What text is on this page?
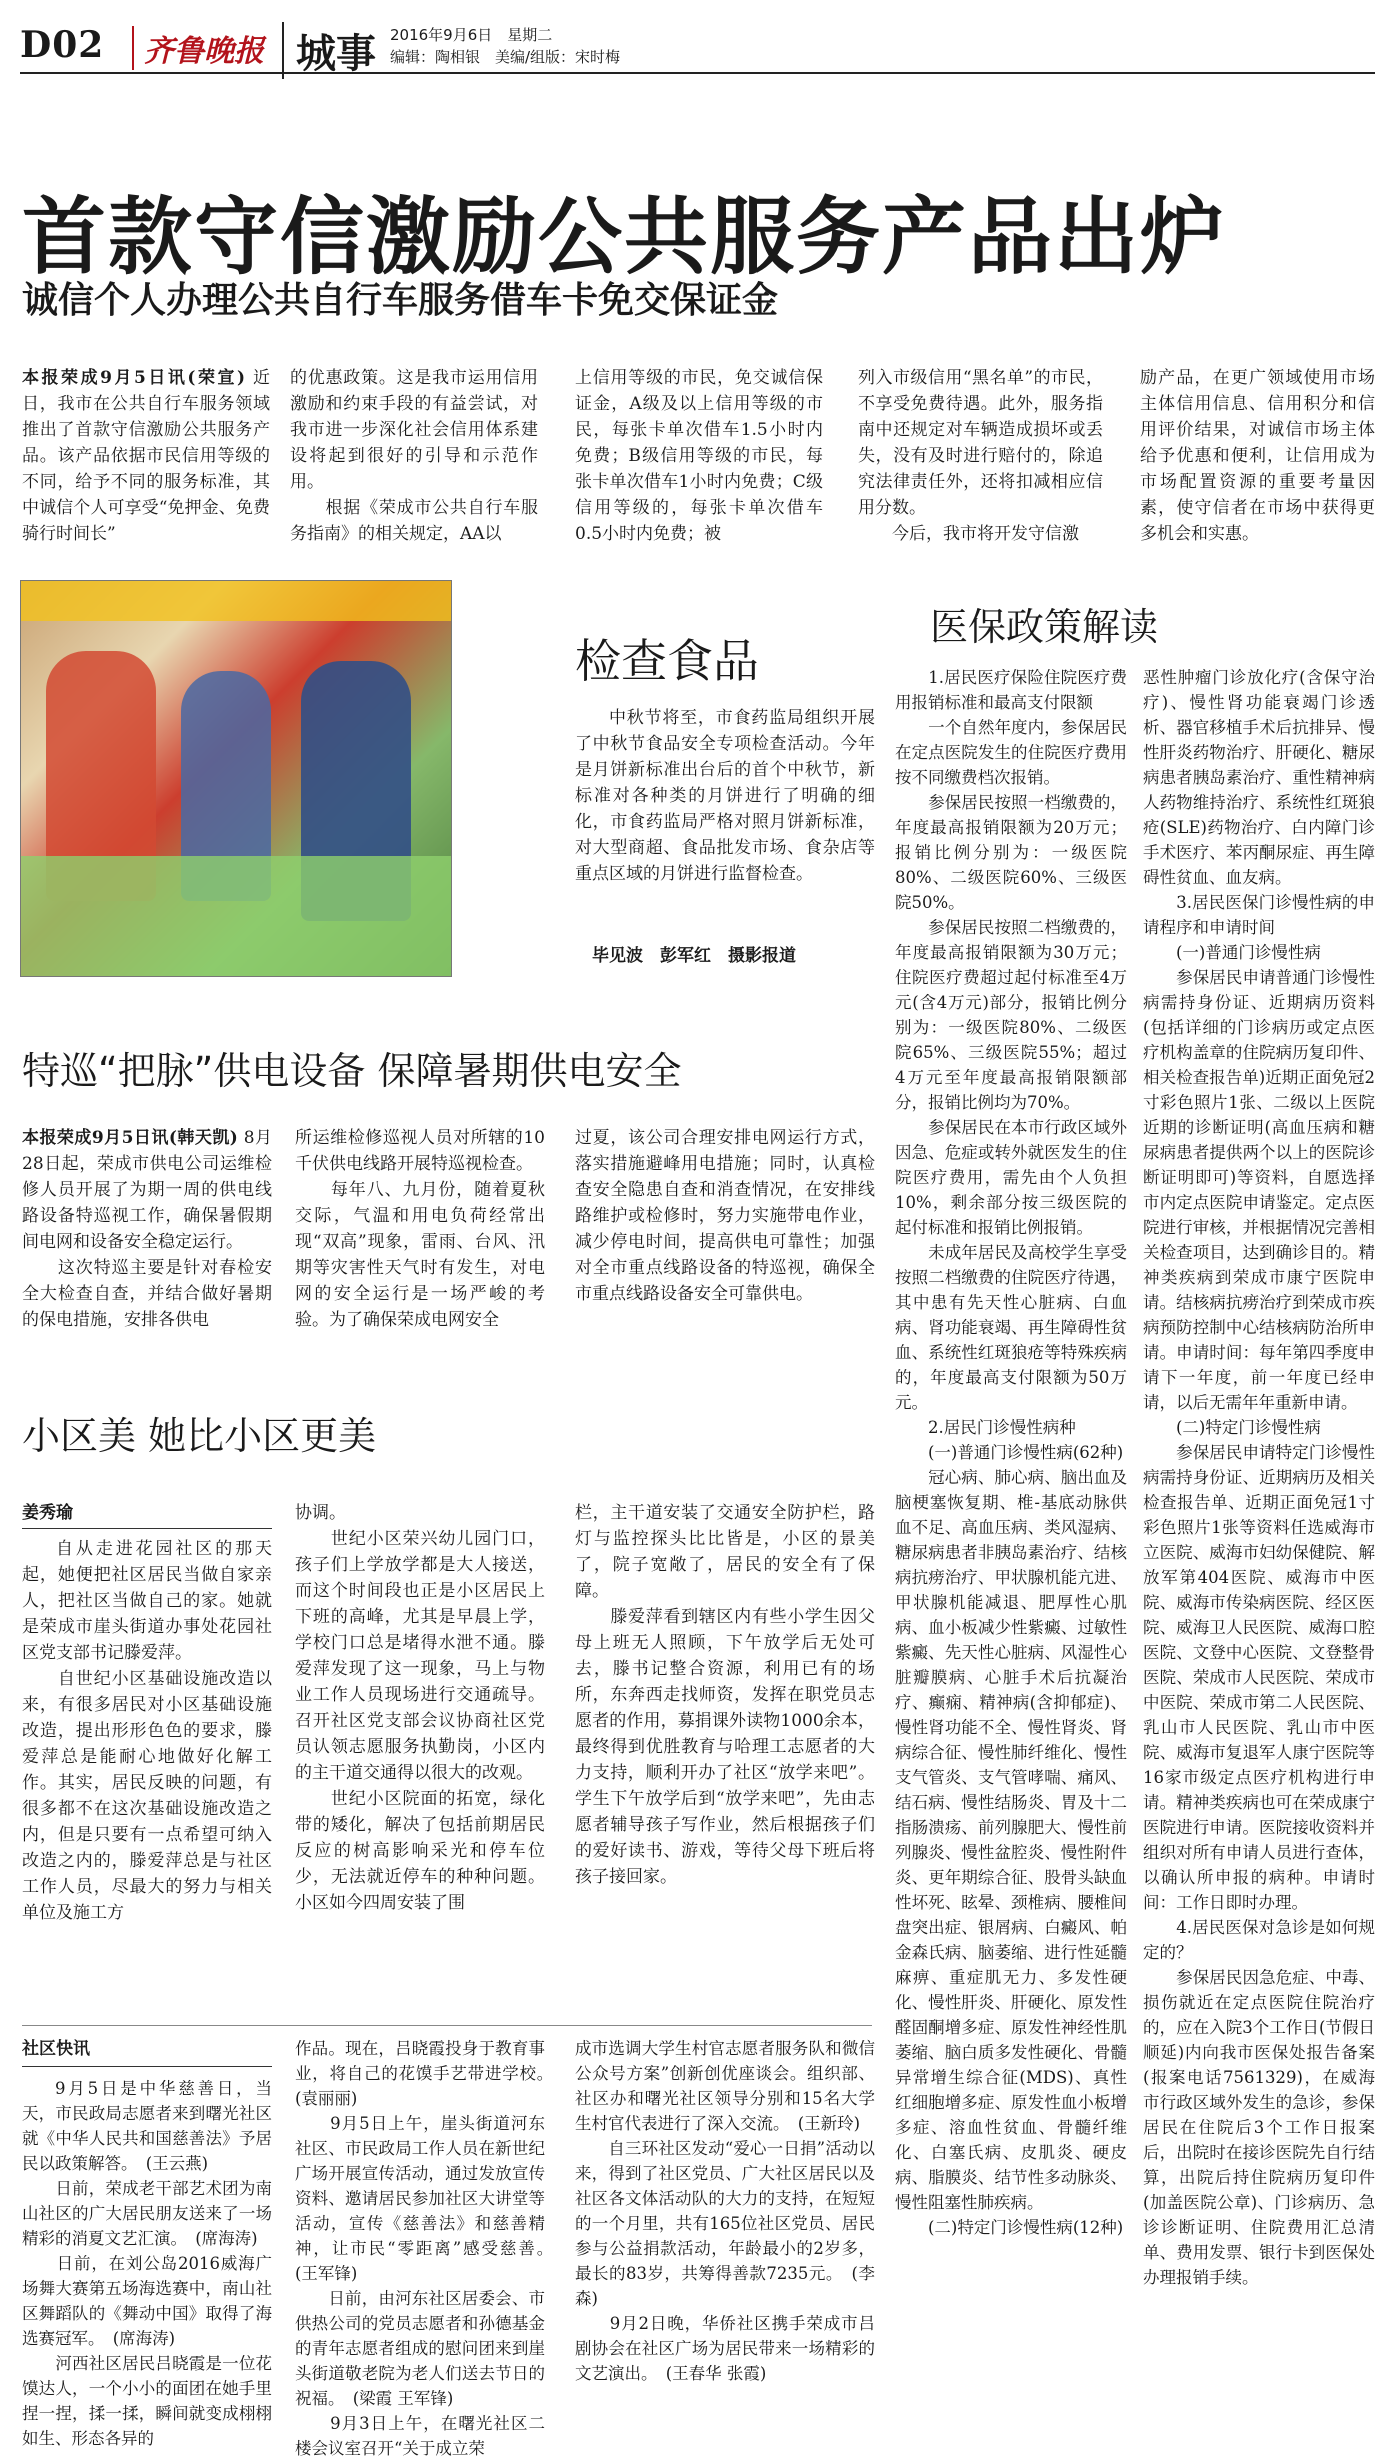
D02	齐鲁晚报 城事 2016年9月6日　星期二
编辑：陶相银　美编/组版：宋时梅
首款守信激励公共服务产品出炉
诚信个人办理公共自行车服务借车卡免交保证金
本报荣成9月5日讯(荣宣) 近日，我市在公共自行车服务领域推出了首款守信激励公共服务产品。该产品依据市民信用等级的不同，给予不同的服务标准，其中诚信个人可享受“免押金、免费骑行时间长”
的优惠政策。这是我市运用信用激励和约束手段的有益尝试，对我市进一步深化社会信用体系建设将起到很好的引导和示范作用。
　　根据《荣成市公共自行车服务指南》的相关规定，AA以
上信用等级的市民，免交诚信保证金，A级及以上信用等级的市民，每张卡单次借车1.5小时内免费；B级信用等级的市民，每张卡单次借车1小时内免费；C级信用等级的，每张卡单次借车0.5小时内免费；被
列入市级信用“黑名单”的市民，不享受免费待遇。此外，服务指南中还规定对车辆造成损坏或丢失，没有及时进行赔付的，除追究法律责任外，还将扣减相应信用分数。
　　今后，我市将开发守信激
励产品，在更广领域使用市场主体信用信息、信用积分和信用评价结果，对诚信市场主体给予优惠和便利，让信用成为市场配置资源的重要考量因素，使守信者在市场中获得更多机会和实惠。
检查食品
中秋节将至，市食药监局组织开展了中秋节食品安全专项检查活动。今年是月饼新标准出台后的首个中秋节，新标准对各种类的月饼进行了明确的细化，市食药监局严格对照月饼新标准，对大型商超、食品批发市场、食杂店等重点区域的月饼进行监督检查。
毕见波　彭军红　摄影报道
医保政策解读
特巡“把脉”供电设备 保障暑期供电安全
本报荣成9月5日讯(韩天凯) 8月28日起，荣成市供电公司运维检修人员开展了为期一周的供电线路设备特巡视工作，确保暑假期间电网和设备安全稳定运行。
　　这次特巡主要是针对春检安全大检查自查，并结合做好暑期的保电措施，安排各供电
所运维检修巡视人员对所辖的10千伏供电线路开展特巡视检查。
　　每年八、九月份，随着夏秋交际，气温和用电负荷经常出现“双高”现象，雷雨、台风、汛期等灾害性天气时有发生，对电网的安全运行是一场严峻的考验。为了确保荣成电网安全
过夏，该公司合理安排电网运行方式，落实措施避峰用电措施；同时，认真检查安全隐患自查和消查情况，在安排线路维护或检修时，努力实施带电作业，减少停电时间，提高供电可靠性；加强对全市重点线路设备的特巡视，确保全市重点线路设备安全可靠供电。
小区美 她比小区更美
姜秀瑜
自从走进花园社区的那天起，她便把社区居民当做自家亲人，把社区当做自己的家。她就是荣成市崖头街道办事处花园社区党支部书记滕爱萍。
　　自世纪小区基础设施改造以来，有很多居民对小区基础设施改造，提出形形色色的要求，滕爱萍总是能耐心地做好化解工作。其实，居民反映的问题，有很多都不在这次基础设施改造之内，但是只要有一点希望可纳入改造之内的，滕爱萍总是与社区工作人员，尽最大的努力与相关单位及施工方
协调。
　　世纪小区荣兴幼儿园门口，孩子们上学放学都是大人接送，而这个时间段也正是小区居民上下班的高峰，尤其是早晨上学，学校门口总是堵得水泄不通。滕爱萍发现了这一现象，马上与物业工作人员现场进行交通疏导。召开社区党支部会议协商社区党员认领志愿服务执勤岗，小区内的主干道交通得以很大的改观。
　　世纪小区院面的拓宽，绿化带的矮化，解决了包括前期居民反应的树高影响采光和停车位少，无法就近停车的种种问题。小区如今四周安装了围
栏，主干道安装了交通安全防护栏，路灯与监控探头比比皆是，小区的景美了，院子宽敞了，居民的安全有了保障。
　　滕爱萍看到辖区内有些小学生因父母上班无人照顾，下午放学后无处可去，滕书记整合资源，利用已有的场所，东奔西走找师资，发挥在职党员志愿者的作用，募捐课外读物1000余本，最终得到优胜教育与哈理工志愿者的大力支持，顺利开办了社区“放学来吧”。学生下午放学后到“放学来吧”，先由志愿者辅导孩子写作业，然后根据孩子们的爱好读书、游戏，等待父母下班后将孩子接回家。
社区快讯
9月5日是中华慈善日，当天，市民政局志愿者来到曙光社区就《中华人民共和国慈善法》予居民以政策解答。　(王云燕)
　　日前，荣成老干部艺术团为南山社区的广大居民朋友送来了一场精彩的消夏文艺汇演。　(席海涛)
　　日前，在刘公岛2016威海广场舞大赛第五场海选赛中，南山社区舞蹈队的《舞动中国》取得了海选赛冠军。　(席海涛)
　　河西社区居民吕晓霞是一位花馍达人，一个小小的面团在她手里捏一捏，揉一揉，瞬间就变成栩栩如生、形态各异的
作品。现在，吕晓霞投身于教育事业，将自己的花馍手艺带进学校。　(袁丽丽)
　　9月5日上午，崖头街道河东社区、市民政局工作人员在新世纪广场开展宣传活动，通过发放宣传资料、邀请居民参加社区大讲堂等活动，宣传《慈善法》和慈善精神，让市民“零距离”感受慈善。　(王军锋)
　　日前，由河东社区居委会、市供热公司的党员志愿者和孙德基金的青年志愿者组成的慰问团来到崖头街道敬老院为老人们送去节日的祝福。　(梁霞 王军锋)
　　9月3日上午，在曙光社区二楼会议室召开“关于成立荣
成市选调大学生村官志愿者服务队和微信公众号方案”创新创优座谈会。组织部、社区办和曙光社区领导分别和15名大学生村官代表进行了深入交流。　(王新玲)
　　自三环社区发动“爱心一日捐”活动以来，得到了社区党员、广大社区居民以及社区各文体活动队的大力的支持，在短短的一个月里，共有165位社区党员、居民参与公益捐款活动，年龄最小的2岁多，最长的83岁，共筹得善款7235元。　(李森)
　　9月2日晚，华侨社区携手荣成市吕剧协会在社区广场为居民带来一场精彩的文艺演出。　(王春华 张霞)
　　1.居民医疗保险住院医疗费用报销标准和最高支付限额
　　一个自然年度内，参保居民在定点医院发生的住院医疗费用按不同缴费档次报销。
　　参保居民按照一档缴费的，年度最高报销限额为20万元；报销比例分别为：一级医院80%、二级医院60%、三级医院50%。
　　参保居民按照二档缴费的，年度最高报销限额为30万元；住院医疗费超过起付标准至4万元(含4万元)部分，报销比例分别为：一级医院80%、二级医院65%、三级医院55%；超过4万元至年度最高报销限额部分，报销比例均为70%。
　　参保居民在本市行政区域外因急、危症或转外就医发生的住院医疗费用，需先由个人负担10%，剩余部分按三级医院的起付标准和报销比例报销。
　　未成年居民及高校学生享受按照二档缴费的住院医疗待遇，其中患有先天性心脏病、白血病、肾功能衰竭、再生障碍性贫血、系统性红斑狼疮等特殊疾病的，年度最高支付限额为50万元。
　　2.居民门诊慢性病种
　　(一)普通门诊慢性病(62种)
　　冠心病、肺心病、脑出血及脑梗塞恢复期、椎-基底动脉供血不足、高血压病、类风湿病、糖尿病患者非胰岛素治疗、结核病抗痨治疗、甲状腺机能亢进、甲状腺机能减退、肥厚性心肌病、血小板减少性紫癜、过敏性紫癜、先天性心脏病、风湿性心脏瓣膜病、心脏手术后抗凝治疗、癫痫、精神病(含抑郁症)、慢性肾功能不全、慢性肾炎、肾病综合征、慢性肺纤维化、慢性支气管炎、支气管哮喘、痛风、结石病、慢性结肠炎、胃及十二指肠溃疡、前列腺肥大、慢性前列腺炎、慢性盆腔炎、慢性附件炎、更年期综合征、股骨头缺血性坏死、眩晕、颈椎病、腰椎间盘突出症、银屑病、白癜风、帕金森氏病、脑萎缩、进行性延髓麻痹、重症肌无力、多发性硬化、慢性肝炎、肝硬化、原发性醛固酮增多症、原发性神经性肌萎缩、脑白质多发性硬化、骨髓异常增生综合征(MDS)、真性红细胞增多症、原发性血小板增多症、溶血性贫血、骨髓纤维化、白塞氏病、皮肌炎、硬皮病、脂膜炎、结节性多动脉炎、慢性阻塞性肺疾病。
　　(二)特定门诊慢性病(12种)
恶性肿瘤门诊放化疗(含保守治疗)、慢性肾功能衰竭门诊透析、器官移植手术后抗排异、慢性肝炎药物治疗、肝硬化、糖尿病患者胰岛素治疗、重性精神病人药物维持治疗、系统性红斑狼疮(SLE)药物治疗、白内障门诊手术医疗、苯丙酮尿症、再生障碍性贫血、血友病。
　　3.居民医保门诊慢性病的申请程序和申请时间
　　(一)普通门诊慢性病
　　参保居民申请普通门诊慢性病需持身份证、近期病历资料(包括详细的门诊病历或定点医疗机构盖章的住院病历复印件、相关检查报告单)近期正面免冠2寸彩色照片1张、二级以上医院近期的诊断证明(高血压病和糖尿病患者提供两个以上的医院诊断证明即可)等资料，自愿选择市内定点医院申请鉴定。定点医院进行审核，并根据情况完善相关检查项目，达到确诊目的。精神类疾病到荣成市康宁医院申请。结核病抗痨治疗到荣成市疾病预防控制中心结核病防治所申请。申请时间：每年第四季度申请下一年度，前一年度已经申请，以后无需年年重新申请。
　　(二)特定门诊慢性病
　　参保居民申请特定门诊慢性病需持身份证、近期病历及相关检查报告单、近期正面免冠1寸彩色照片1张等资料任选威海市立医院、威海市妇幼保健院、解放军第404医院、威海市中医院、威海市传染病医院、经区医院、威海卫人民医院、威海口腔医院、文登中心医院、文登整骨医院、荣成市人民医院、荣成市中医院、荣成市第二人民医院、乳山市人民医院、乳山市中医院、威海市复退军人康宁医院等16家市级定点医疗机构进行申请。精神类疾病也可在荣成康宁医院进行申请。医院接收资料并组织对所有申请人员进行查体，以确认所申报的病种。申请时间：工作日即时办理。
　　4.居民医保对急诊是如何规定的？
　　参保居民因急危症、中毒、损伤就近在定点医院住院治疗的，应在入院3个工作日(节假日顺延)内向我市医保处报告备案(报案电话7561329)，在威海市行政区域外发生的急诊，参保居民在住院后3个工作日报案后，出院时在接诊医院先自行结算，出院后持住院病历复印件(加盖医院公章)、门诊病历、急诊诊断证明、住院费用汇总清单、费用发票、银行卡到医保处办理报销手续。
